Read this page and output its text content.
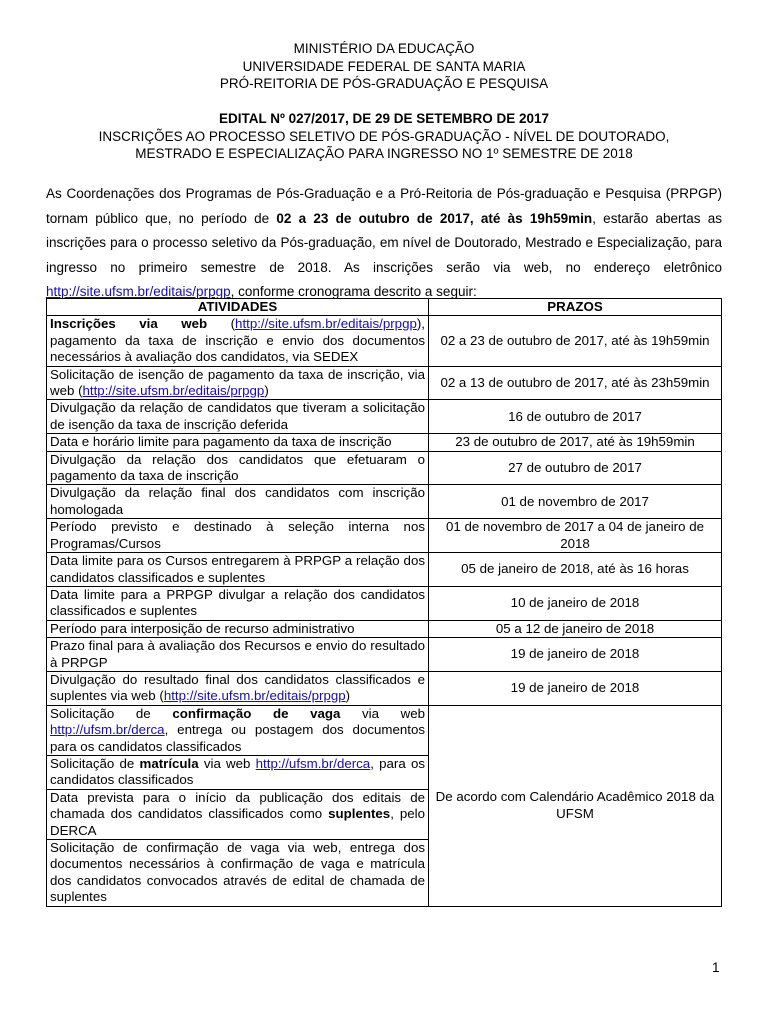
MINISTÉRIO DA EDUCAÇÃO
UNIVERSIDADE FEDERAL DE SANTA MARIA
PRÓ-REITORIA DE PÓS-GRADUAÇÃO E PESQUISA
EDITAL Nº 027/2017, DE 29 DE SETEMBRO DE 2017
INSCRIÇÕES AO PROCESSO SELETIVO DE PÓS-GRADUAÇÃO - NÍVEL DE DOUTORADO,
MESTRADO E ESPECIALIZAÇÃO PARA INGRESSO NO 1º SEMESTRE DE 2018
As Coordenações dos Programas de Pós-Graduação e a Pró-Reitoria de Pós-graduação e Pesquisa (PRPGP) tornam público que, no período de 02 a 23 de outubro de 2017, até às 19h59min, estarão abertas as inscrições para o processo seletivo da Pós-graduação, em nível de Doutorado, Mestrado e Especialização, para ingresso no primeiro semestre de 2018. As inscrições serão via web, no endereço eletrônico http://site.ufsm.br/editais/prpgp, conforme cronograma descrito a seguir:
ATIVIDADES	PRAZOS
Inscrições via web (http://site.ufsm.br/editais/prpgp), pagamento da taxa de inscrição e envio dos documentos necessários à avaliação dos candidatos, via SEDEX	02 a 23 de outubro de 2017, até às 19h59min
Solicitação de isenção de pagamento da taxa de inscrição, via web (http://site.ufsm.br/editais/prpgp)	02 a 13 de outubro de 2017, até às 23h59min
Divulgação da relação de candidatos que tiveram a solicitação de isenção da taxa de inscrição deferida	16 de outubro de 2017
Data e horário limite para pagamento da taxa de inscrição	23 de outubro de 2017, até às 19h59min
Divulgação da relação dos candidatos que efetuaram o pagamento da taxa de inscrição	27 de outubro de 2017
Divulgação da relação final dos candidatos com inscrição homologada	01 de novembro de 2017
Período previsto e destinado à seleção interna nos Programas/Cursos	01 de novembro de 2017 a 04 de janeiro de 2018
Data limite para os Cursos entregarem à PRPGP a relação dos candidatos classificados e suplentes	05 de janeiro de 2018, até às 16 horas
Data limite para a PRPGP divulgar a relação dos candidatos classificados e suplentes	10 de janeiro de 2018
Período para interposição de recurso administrativo	05 a 12 de janeiro de 2018
Prazo final para à avaliação dos Recursos e envio do resultado à PRPGP	19 de janeiro de 2018
Divulgação do resultado final dos candidatos classificados e suplentes via web (http://site.ufsm.br/editais/prpgp)	19 de janeiro de 2018
Solicitação de confirmação de vaga via web http://ufsm.br/derca, entrega ou postagem dos documentos para os candidatos classificados	De acordo com Calendário Acadêmico 2018 da UFSM
Solicitação de matrícula via web http://ufsm.br/derca, para os candidatos classificados	
Data prevista para o início da publicação dos editais de chamada dos candidatos classificados como suplentes, pelo DERCA	
Solicitação de confirmação de vaga via web, entrega dos documentos necessários à confirmação de vaga e matrícula dos candidatos convocados através de edital de chamada de suplentes	
1
